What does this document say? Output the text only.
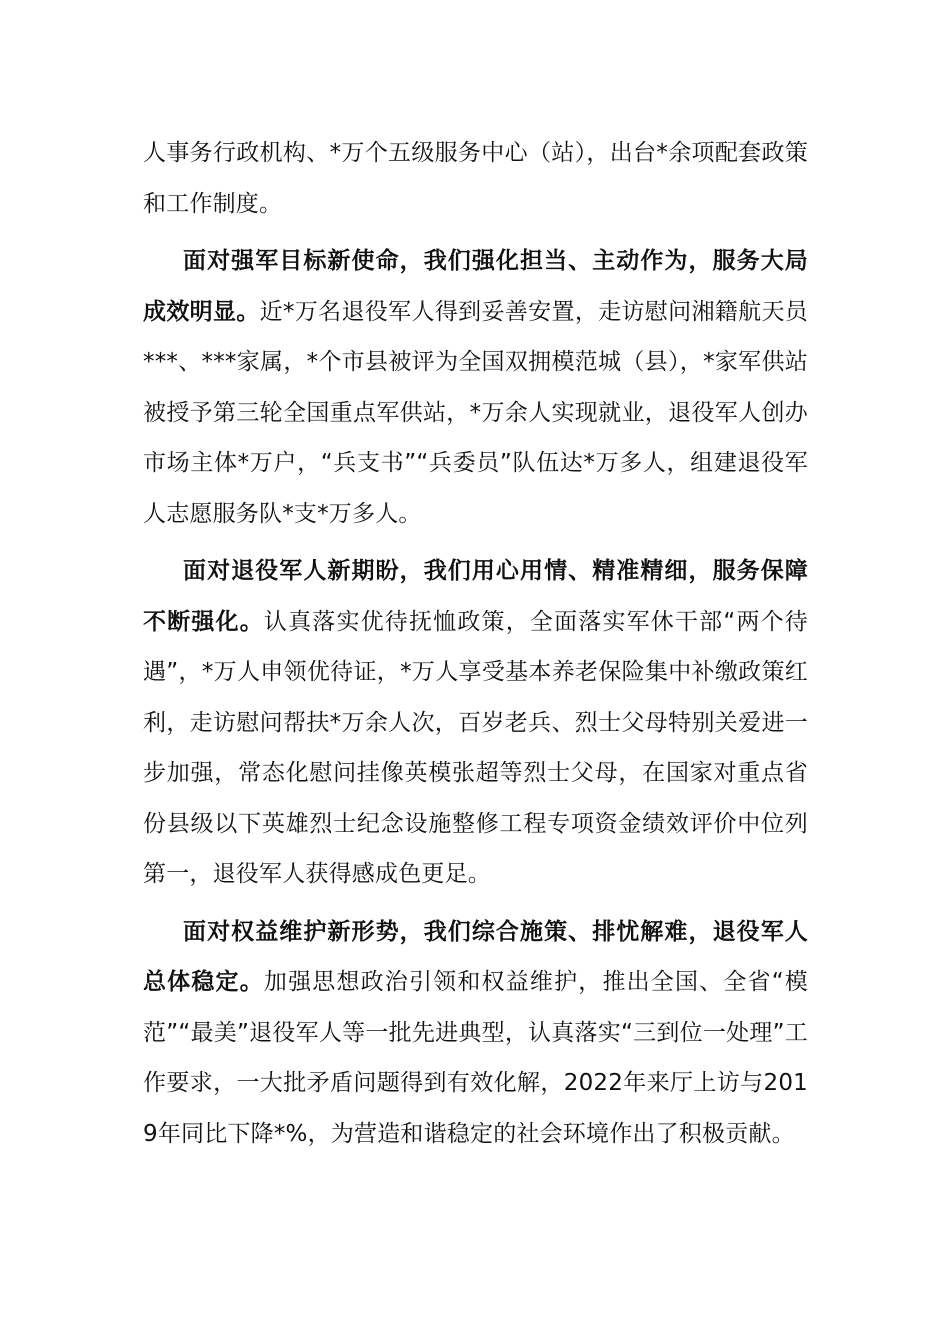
人事务行政机构、*万个五级服务中心（站），出台*余项配套政策和工作制度。

面对强军目标新使命，我们强化担当、主动作为，服务大局成效明显。近*万名退役军人得到妥善安置，走访慰问湘籍航天员***、***家属，*个市县被评为全国双拥模范城（县），*家军供站被授予第三轮全国重点军供站，*万余人实现就业，退役军人创办市场主体*万户，“兵支书”“兵委员”队伍达*万多人，组建退役军人志愿服务队*支*万多人。

面对退役军人新期盼，我们用心用情、精准精细，服务保障不断强化。认真落实优待抚恤政策，全面落实军休干部“两个待遇”，*万人申领优待证，*万人享受基本养老保险集中补缴政策红利，走访慰问帮扶*万余人次，百岁老兵、烈士父母特别关爱进一步加强，常态化慰问挂像英模张超等烈士父母，在国家对重点省份县级以下英雄烈士纪念设施整修工程专项资金绩效评价中位列第一，退役军人获得感成色更足。

面对权益维护新形势，我们综合施策、排忧解难，退役军人总体稳定。加强思想政治引领和权益维护，推出全国、全省“模范”“最美”退役军人等一批先进典型，认真落实“三到位一处理”工作要求，一大批矛盾问题得到有效化解，2022年来厅上访与2019年同比下降*%，为营造和谐稳定的社会环境作出了积极贡献。
